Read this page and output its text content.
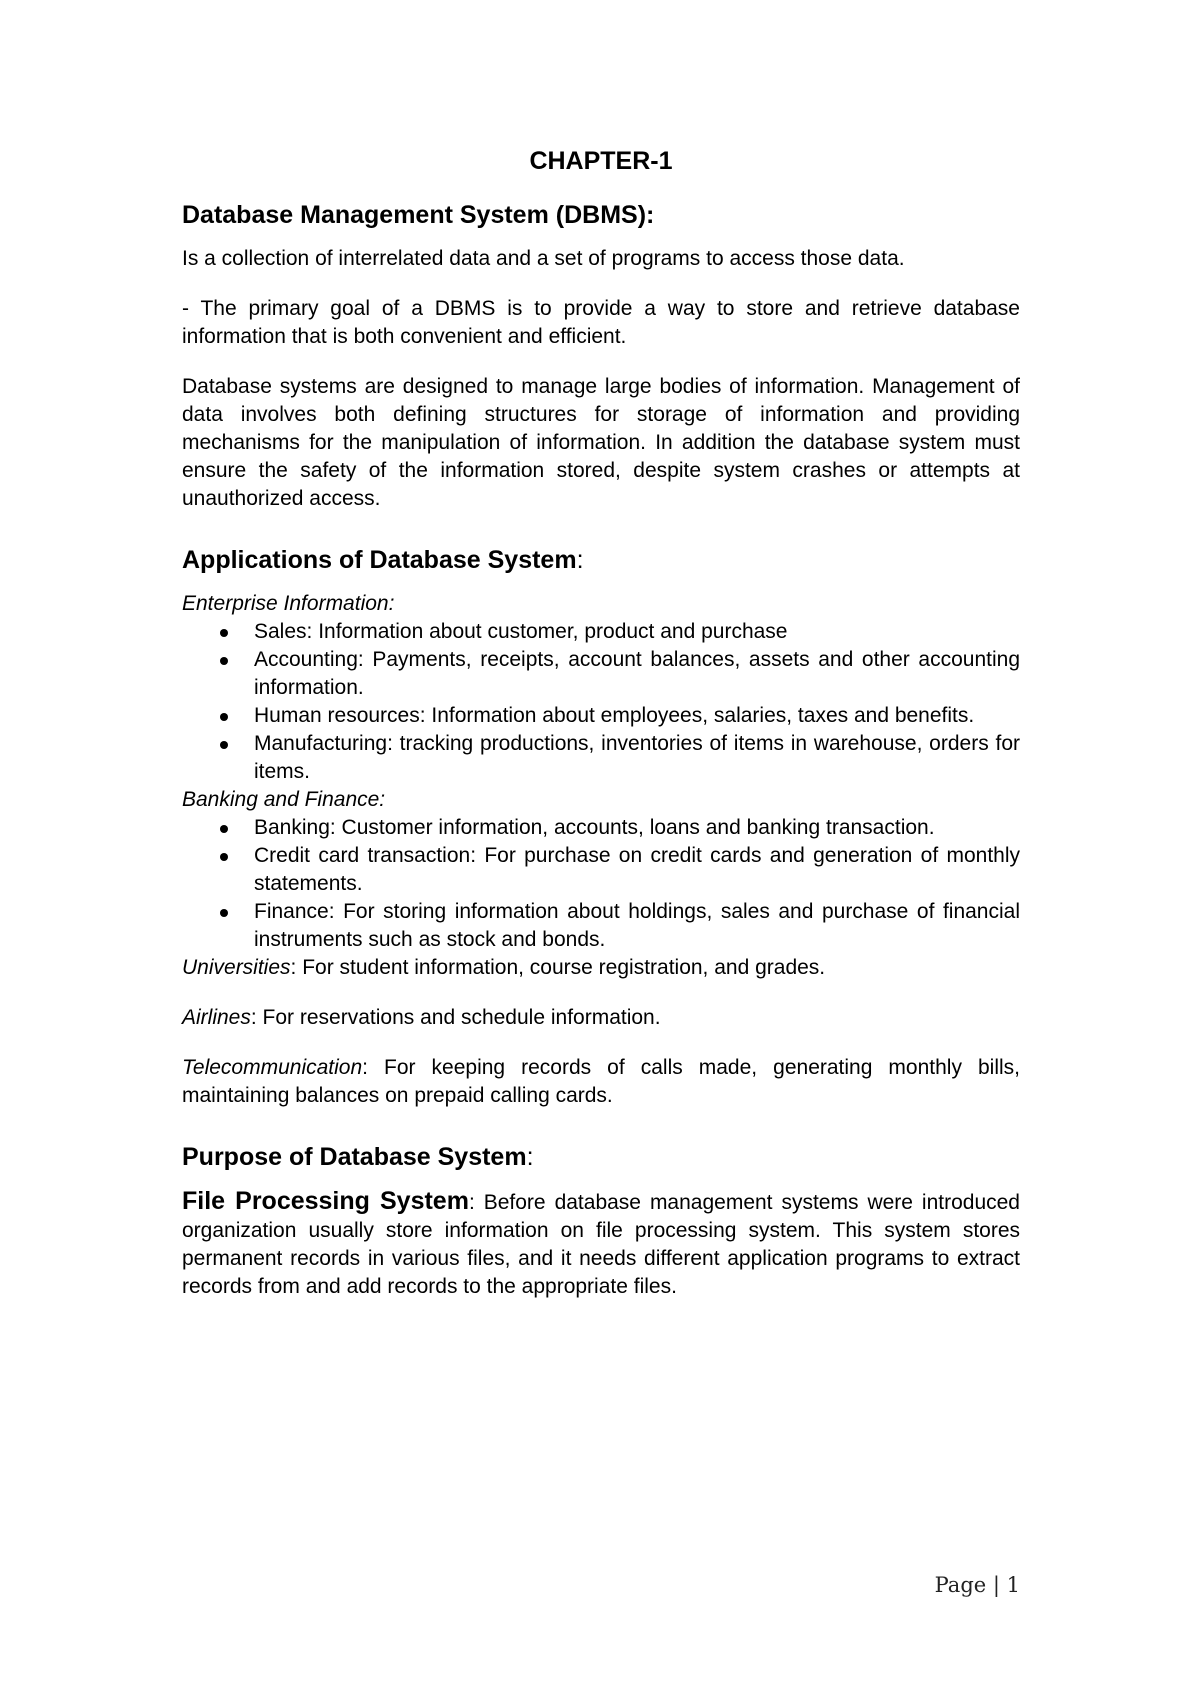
CHAPTER-1
Database Management System (DBMS):

Is a collection of interrelated data and a set of programs to access those data.

- The primary goal of a DBMS is to provide a way to store and retrieve database information that is both convenient and efficient.

Database systems are designed to manage large bodies of information. Management of data involves both defining structures for storage of information and providing mechanisms for the manipulation of information. In addition the database system must ensure the safety of the information stored, despite system crashes or attempts at unauthorized access.

Applications of Database System:

Enterprise Information:

Sales: Information about customer, product and purchase
Accounting: Payments, receipts, account balances, assets and other accounting information.
Human resources: Information about employees, salaries, taxes and benefits.
Manufacturing: tracking productions, inventories of items in warehouse, orders for items.

Banking and Finance:

Banking: Customer information, accounts, loans and banking transaction.
Credit card transaction: For purchase on credit cards and generation of monthly statements.
Finance: For storing information about holdings, sales and purchase of financial instruments such as stock and bonds.

Universities: For student information, course registration, and grades.

Airlines: For reservations and schedule information.

Telecommunication: For keeping records of calls made, generating monthly bills, maintaining balances on prepaid calling cards.

Purpose of Database System:

File Processing System: Before database management systems were introduced organization usually store information on file processing system. This system stores permanent records in various files, and it needs different application programs to extract records from and add records to the appropriate files.

Page | 1
